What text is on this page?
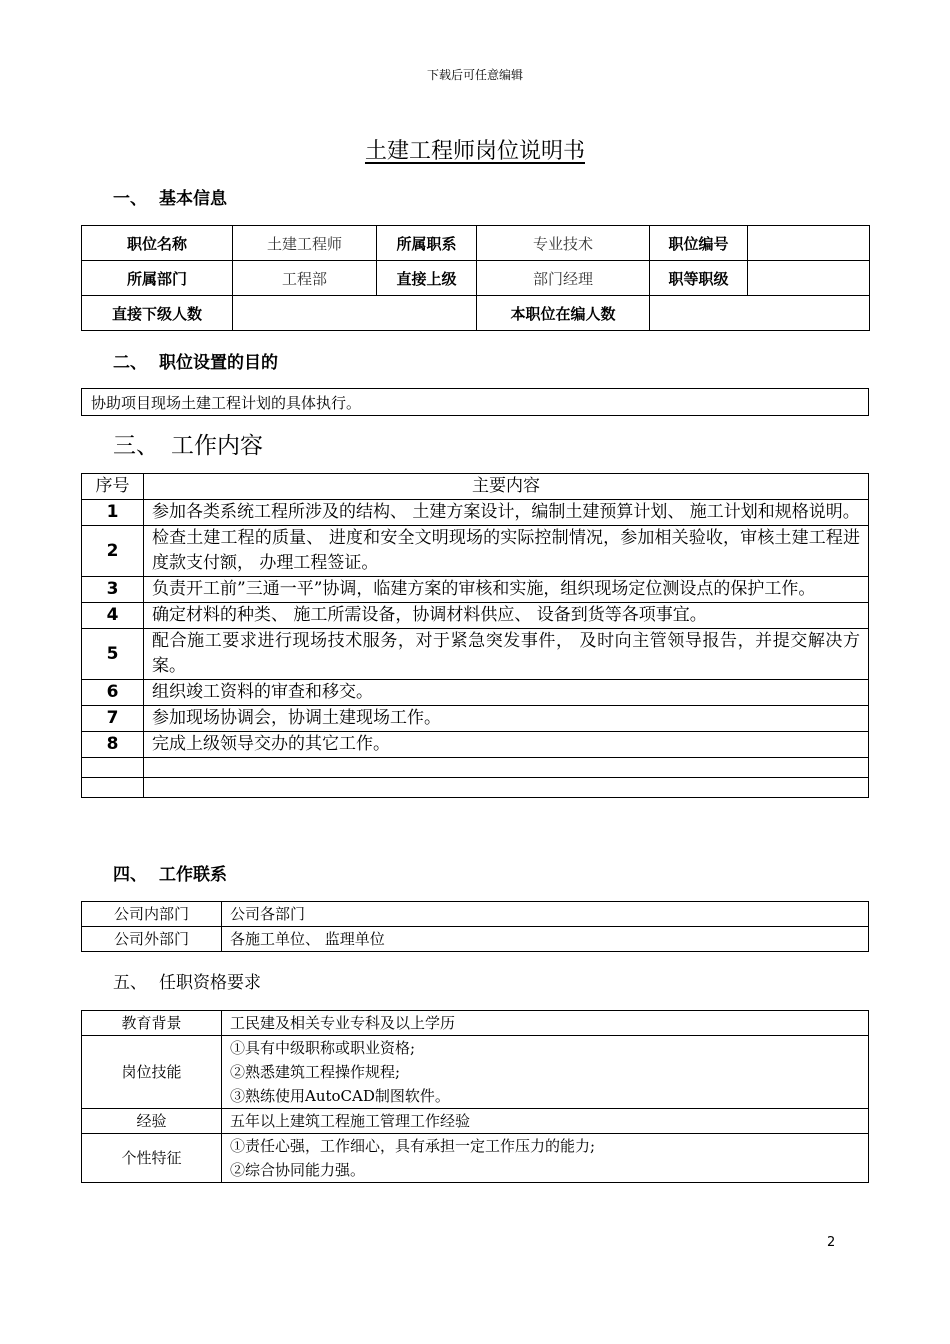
下载后可任意编辑
土建工程师岗位说明书
一、 基本信息
职位名称	土建工程师	所属职系	专业技术	职位编号	
所属部门	工程部	直接上级	部门经理	职等职级	
直接下级人数			本职位在编人数		
二、 职位设置的目的
协助项目现场土建工程计划的具体执行。
三、 工作内容
序号	主要内容
1	参加各类系统工程所涉及的结构、 土建方案设计，编制土建预算计划、 施工计划和规格说明。
2	检查土建工程的质量、 进度和安全文明现场的实际控制情况，参加相关验收，审核土建工程进度款支付额， 办理工程签证。
3	负责开工前”三通一平”协调，临建方案的审核和实施，组织现场定位测设点的保护工作。
4	确定材料的种类、 施工所需设备，协调材料供应、 设备到货等各项事宜。
5	配合施工要求进行现场技术服务，对于紧急突发事件， 及时向主管领导报告，并提交解决方案。
6	组织竣工资料的审查和移交。
7	参加现场协调会，协调土建现场工作。
8	完成上级领导交办的其它工作。

四、 工作联系
公司内部门	公司各部门
公司外部门	各施工单位、 监理单位
五、 任职资格要求
教育背景	工民建及相关专业专科及以上学历
岗位技能	①具有中级职称或职业资格;
②熟悉建筑工程操作规程;
③熟练使用AutoCAD制图软件。

经验	五年以上建筑工程施工管理工作经验
个性特征	①责任心强，工作细心，具有承担一定工作压力的能力;
②综合协同能力强。
2
